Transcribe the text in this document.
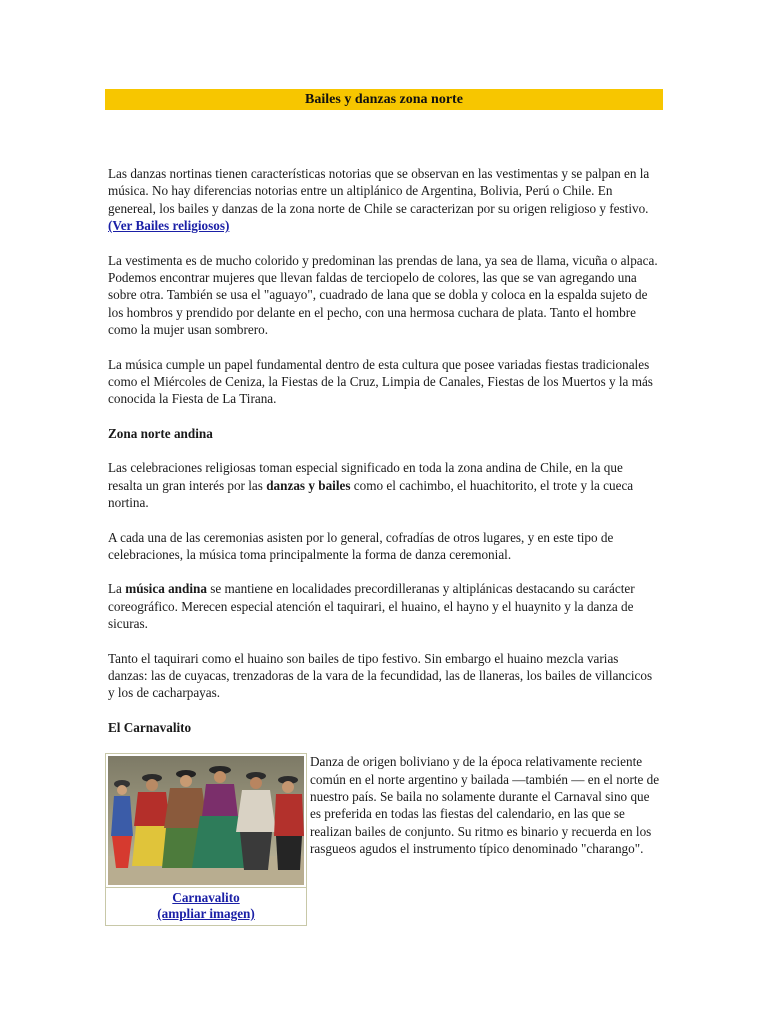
Bailes y danzas zona norte

Las danzas nortinas tienen características notorias que se observan en las vestimentas y se palpan en la música. No hay diferencias notorias entre un altiplánico de Argentina, Bolivia, Perú o Chile. En genereal, los bailes y danzas de la zona norte de Chile se caracterizan por su origen religioso y festivo. (Ver Bailes religiosos)

La vestimenta es de mucho colorido y predominan las prendas de lana, ya sea de llama, vicuña o alpaca. Podemos encontrar mujeres que llevan faldas de terciopelo de colores, las que se van agregando una sobre otra. También se usa el "aguayo", cuadrado de lana que se dobla y coloca en la espalda sujeto de los hombros y prendido por delante en el pecho, con una hermosa cuchara de plata. Tanto el hombre como la mujer usan sombrero.

La música cumple un papel fundamental dentro de esta cultura que posee variadas fiestas tradicionales como el Miércoles de Ceniza, la Fiestas de la Cruz, Limpia de Canales, Fiestas de los Muertos y la más conocida la Fiesta de La Tirana.

Zona norte andina

Las celebraciones religiosas toman especial significado en toda la zona andina de Chile, en la que resalta un gran interés por las danzas y bailes como el cachimbo, el huachitorito, el trote y la cueca nortina.

A cada una de las ceremonias asisten por lo general, cofradías de otros lugares, y en este tipo de celebraciones, la música toma principalmente la forma de danza ceremonial.

La música andina se mantiene en localidades precordilleranas y altiplánicas destacando su carácter coreográfico. Merecen especial atención el taquirari, el huaino, el hayno y el huaynito y la danza de sicuras.

Tanto el taquirari como el huaino son bailes de tipo festivo. Sin embargo el huaino mezcla varias danzas: las de cuyacas, trenzadoras de la vara de la fecundidad, las de llaneras, los bailes de villancicos y los de cacharpayas.

El Carnavalito
Carnavalito
(ampliar imagen)
Danza de origen boliviano y de la época relativamente reciente común en el norte argentino y bailada —también — en el norte de nuestro país. Se baila no solamente durante el Carnaval sino que es preferida en todas las fiestas del calendario, en las que se realizan bailes de conjunto. Su ritmo es binario y recuerda en los rasgueos agudos el instrumento típico denominado "charango".
